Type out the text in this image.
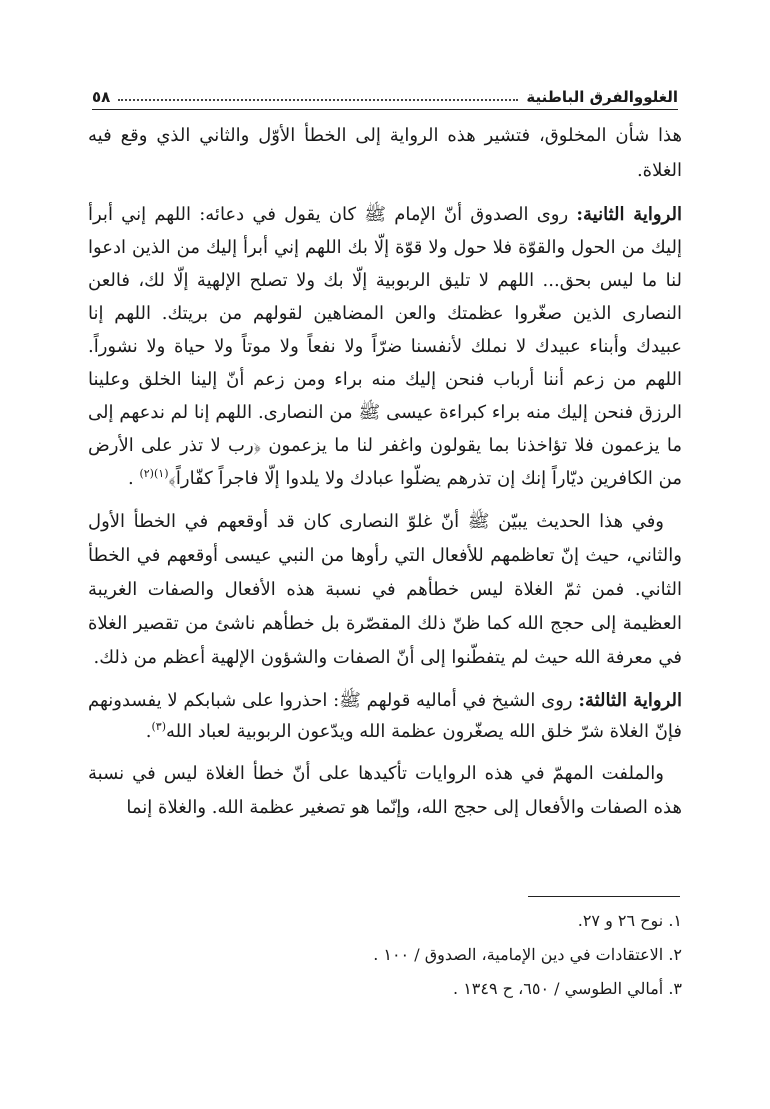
الغلووالفرق الباطنية
٥٨

هذا شأن المخلوق، فتشير هذه الرواية إلى الخطأ الأوّل والثاني الذي وقع فيه الغلاة.

الرواية الثانية: روى الصدوق أنّ الإمام ﷺ كان يقول في دعائه: اللهم إني أبرأ إليك من الحول والقوّة فلا حول ولا قوّة إلّا بك اللهم إني أبرأ إليك من الذين ادعوا لنا ما ليس بحق... اللهم لا تليق الربوبية إلّا بك ولا تصلح الإلهية إلّا لك، فالعن النصارى الذين صغّروا عظمتك والعن المضاهين لقولهم من بريتك. اللهم إنا عبيدك وأبناء عبيدك لا نملك لأنفسنا ضرّاً ولا نفعاً ولا موتاً ولا حياة ولا نشوراً. اللهم من زعم أننا أرباب فنحن إليك منه براء ومن زعم أنّ إلينا الخلق وعلينا الرزق فنحن إليك منه براء كبراءة عيسى ﷺ من النصارى. اللهم إنا لم ندعهم إلى ما يزعمون فلا تؤاخذنا بما يقولون واغفر لنا ما يزعمون ﴿رب لا تذر على الأرض من الكافرين ديّاراً إنك إن تذرهم يضلّوا عبادك ولا يلدوا إلّا فاجراً كفّاراً﴾$^{(١)(٢)}$ .

وفي هذا الحديث يبيّن ﷺ أنّ غلوّ النصارى كان قد أوقعهم في الخطأ الأول والثاني، حيث إنّ تعاظمهم للأفعال التي رأوها من النبي عيسى أوقعهم في الخطأ الثاني. فمن ثمّ الغلاة ليس خطأهم في نسبة هذه الأفعال والصفات الغريبة العظيمة إلى حجج الله كما ظنّ ذلك المقصّرة بل خطأهم ناشئ من تقصير الغلاة في معرفة الله حيث لم يتفطّنوا إلى أنّ الصفات والشؤون الإلهية أعظم من ذلك.

الرواية الثالثة: روى الشيخ في أماليه قولهم ﷺ: احذروا على شبابكم لا يفسدونهم فإنّ الغلاة شرّ خلق الله يصغّرون عظمة الله ويدّعون الربوبية لعباد الله$^{(٣)}$.

والملفت المهمّ في هذه الروايات تأكيدها على أنّ خطأ الغلاة ليس في نسبة هذه الصفات والأفعال إلى حجج الله، وإنّما هو تصغير عظمة الله. والغلاة إنما

١. نوح ٢٦ و ٢٧.
٢. الاعتقادات في دين الإمامية، الصدوق / ١٠٠ .
٣. أمالي الطوسي / ٦٥٠، ح ١٣٤٩ .
